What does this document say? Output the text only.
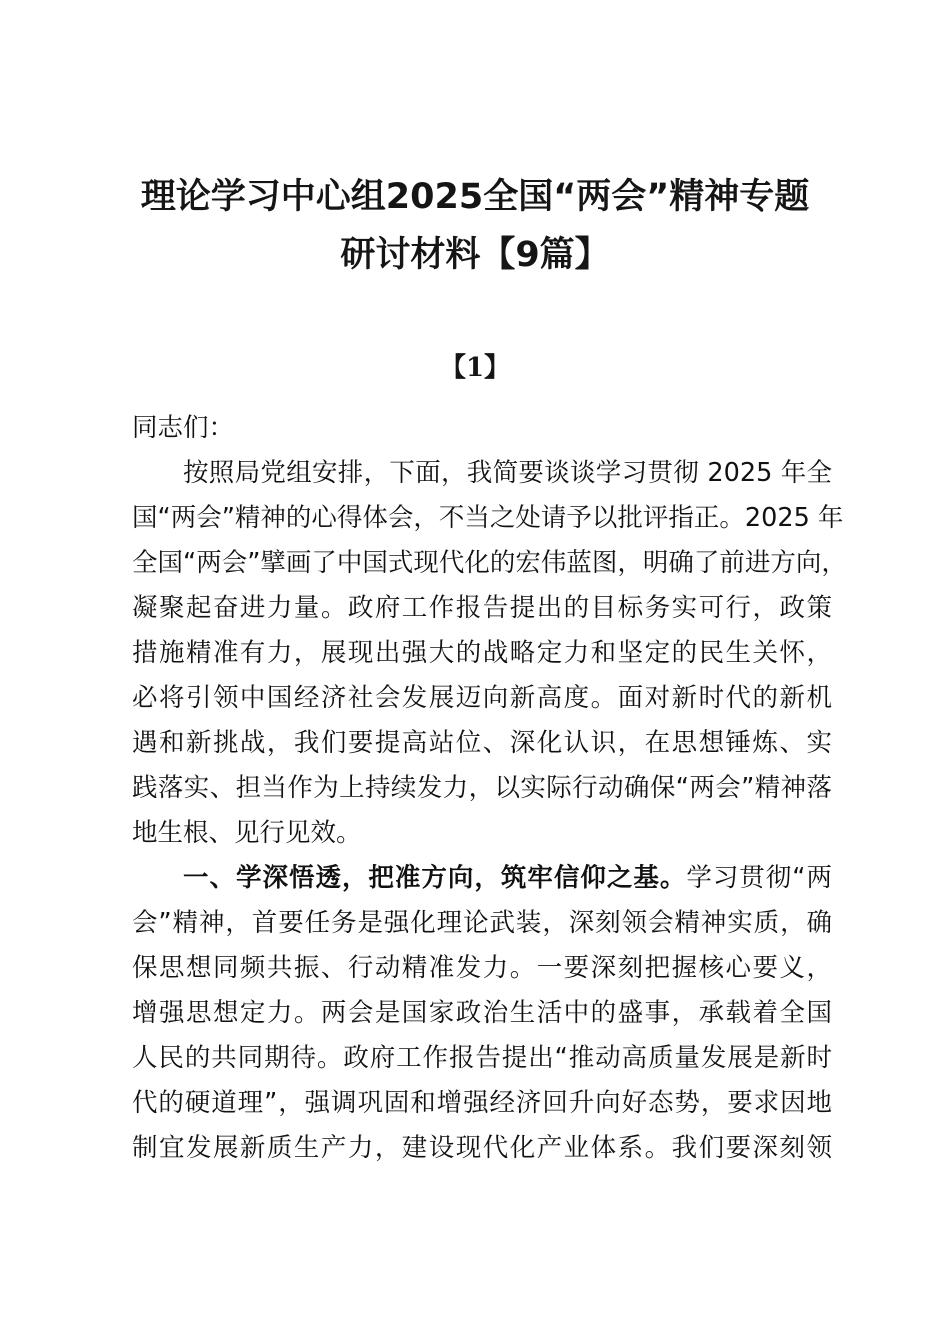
理论学习中心组2025全国“两会”精神专题
研讨材料【9篇】
【1】
同志们：
按照局党组安排，下面，我简要谈谈学习贯彻 2025 年全
国“两会”精神的心得体会，不当之处请予以批评指正。2025 年
全国“两会”擘画了中国式现代化的宏伟蓝图，明确了前进方向，
凝聚起奋进力量。政府工作报告提出的目标务实可行，政策
措施精准有力，展现出强大的战略定力和坚定的民生关怀，
必将引领中国经济社会发展迈向新高度。面对新时代的新机
遇和新挑战，我们要提高站位、深化认识，在思想锤炼、实
践落实、担当作为上持续发力，以实际行动确保“两会”精神落
地生根、见行见效。
一、学深悟透，把准方向，筑牢信仰之基。学习贯彻“两
会”精神，首要任务是强化理论武装，深刻领会精神实质，确
保思想同频共振、行动精准发力。一要深刻把握核心要义，
增强思想定力。两会是国家政治生活中的盛事，承载着全国
人民的共同期待。政府工作报告提出“推动高质量发展是新时
代的硬道理”，强调巩固和增强经济回升向好态势，要求因地
制宜发展新质生产力，建设现代化产业体系。我们要深刻领
